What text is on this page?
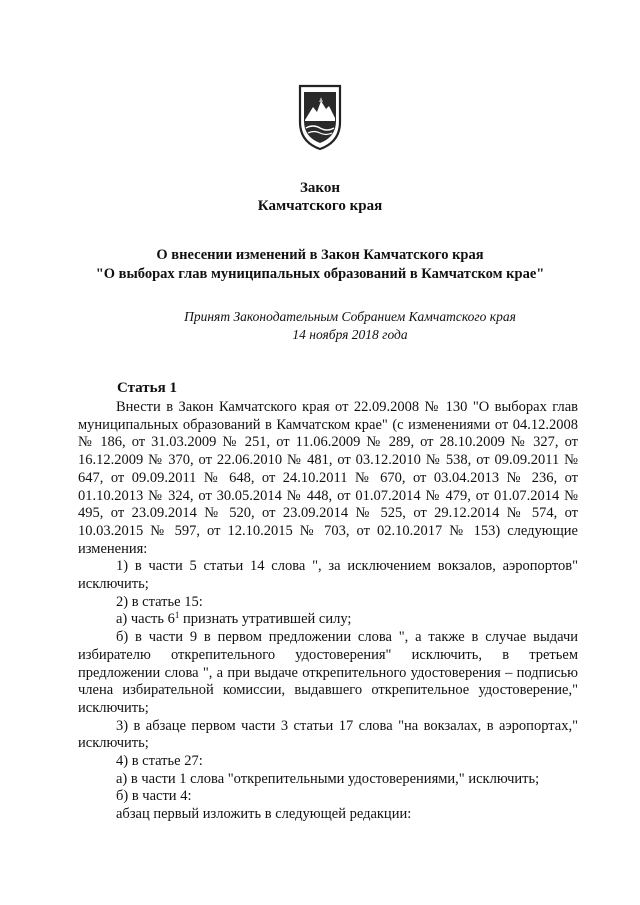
Закон
Камчатского края
О внесении изменений в Закон Камчатского края
"О выборах глав муниципальных образований в Камчатском крае"
Принят Законодательным Собранием Камчатского края
14 ноября 2018 года
Статья 1

Внести в Закон Камчатского края от 22.09.2008 № 130 "О выборах глав муниципальных образований в Камчатском крае" (с изменениями от 04.12.2008 № 186, от 31.03.2009 № 251, от 11.06.2009 № 289, от 28.10.2009 № 327, от 16.12.2009 № 370, от 22.06.2010 № 481, от 03.12.2010 № 538, от 09.09.2011 № 647, от 09.09.2011 № 648, от 24.10.2011 № 670, от 03.04.2013 № 236, от 01.10.2013 № 324, от 30.05.2014 № 448, от 01.07.2014 № 479, от 01.07.2014 № 495, от 23.09.2014 № 520, от 23.09.2014 № 525, от 29.12.2014 № 574, от 10.03.2015 № 597, от 12.10.2015 № 703, от 02.10.2017 № 153) следующие изменения:

1) в части 5 статьи 14 слова ", за исключением вокзалов, аэропортов" исключить;

2) в статье 15:

а) часть $6^1$ признать утратившей силу;

б) в части 9 в первом предложении слова ", а также в случае выдачи избирателю открепительного удостоверения" исключить, в третьем предложении слова ", а при выдаче открепительного удостоверения – подписью члена избирательной комиссии, выдавшего открепительное удостоверение," исключить;

3) в абзаце первом части 3 статьи 17 слова "на вокзалах, в аэропортах," исключить;

4) в статье 27:

а) в части 1 слова "открепительными удостоверениями," исключить;

б) в части 4:

абзац первый изложить в следующей редакции:
